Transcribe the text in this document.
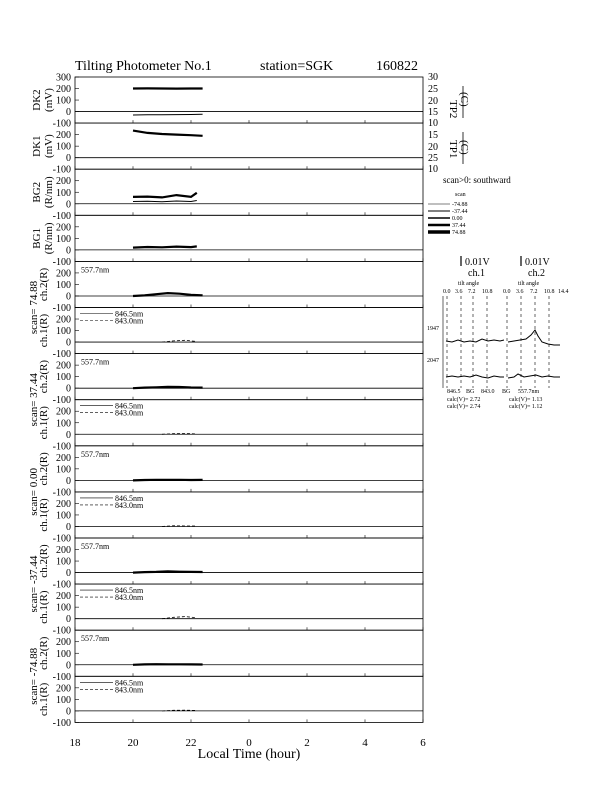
Tilting Photometer No.1	station=SGK	160822
300
200
100
0
-100
DK2 (mV)
200
100
0
-100
DK1 (mV)
200
100
0
-100
BG2 (R/nm)
200
100
0
-100
BG1 (R/nm)
200
100
0
-100
ch.2(R)
scan= 74.88
557.7nm
200
100
0
-100
ch.1(R)	846.5nm
843.0nm
200
100
0
-100
ch.2(R)
scan= 37.44
557.7nm
200
100
0
-100
ch.1(R)	846.5nm
843.0nm
200
100
0
-100
ch.2(R)
scan= 0.00
557.7nm
200
100
0
-100
ch.1(R)	846.5nm
843.0nm
200
100
0
-100
ch.2(R)
scan= -37.44
557.7nm
200
100
0
-100
ch.1(R)	846.5nm
843.0nm
200
100
0
-100
ch.2(R)
scan= -74.88
557.7nm
200
100
0
-100
ch.1(R)	846.5nm
843.0nm
18	20	22	0	2	4	6
Local Time (hour)
30
25
20
15
10
15
20
25
10
TP2
(C)
TP1 (C)
scan>0: southward
scan
-74.88
-37.44
0.00
37.44
74.88
0.01V	0.01V
ch.1	ch.2
tilt angle	tilt angle
0.0 3.6 7.2 10.8 0.0 3.6 7.2 10.8 14.4
1947
2047
846.5 BG 843.0 BG 557.7nm
calc(V)= 2.72
calc(V)= 2.74
calc(V)= 1.13
calc(V)= 1.12
